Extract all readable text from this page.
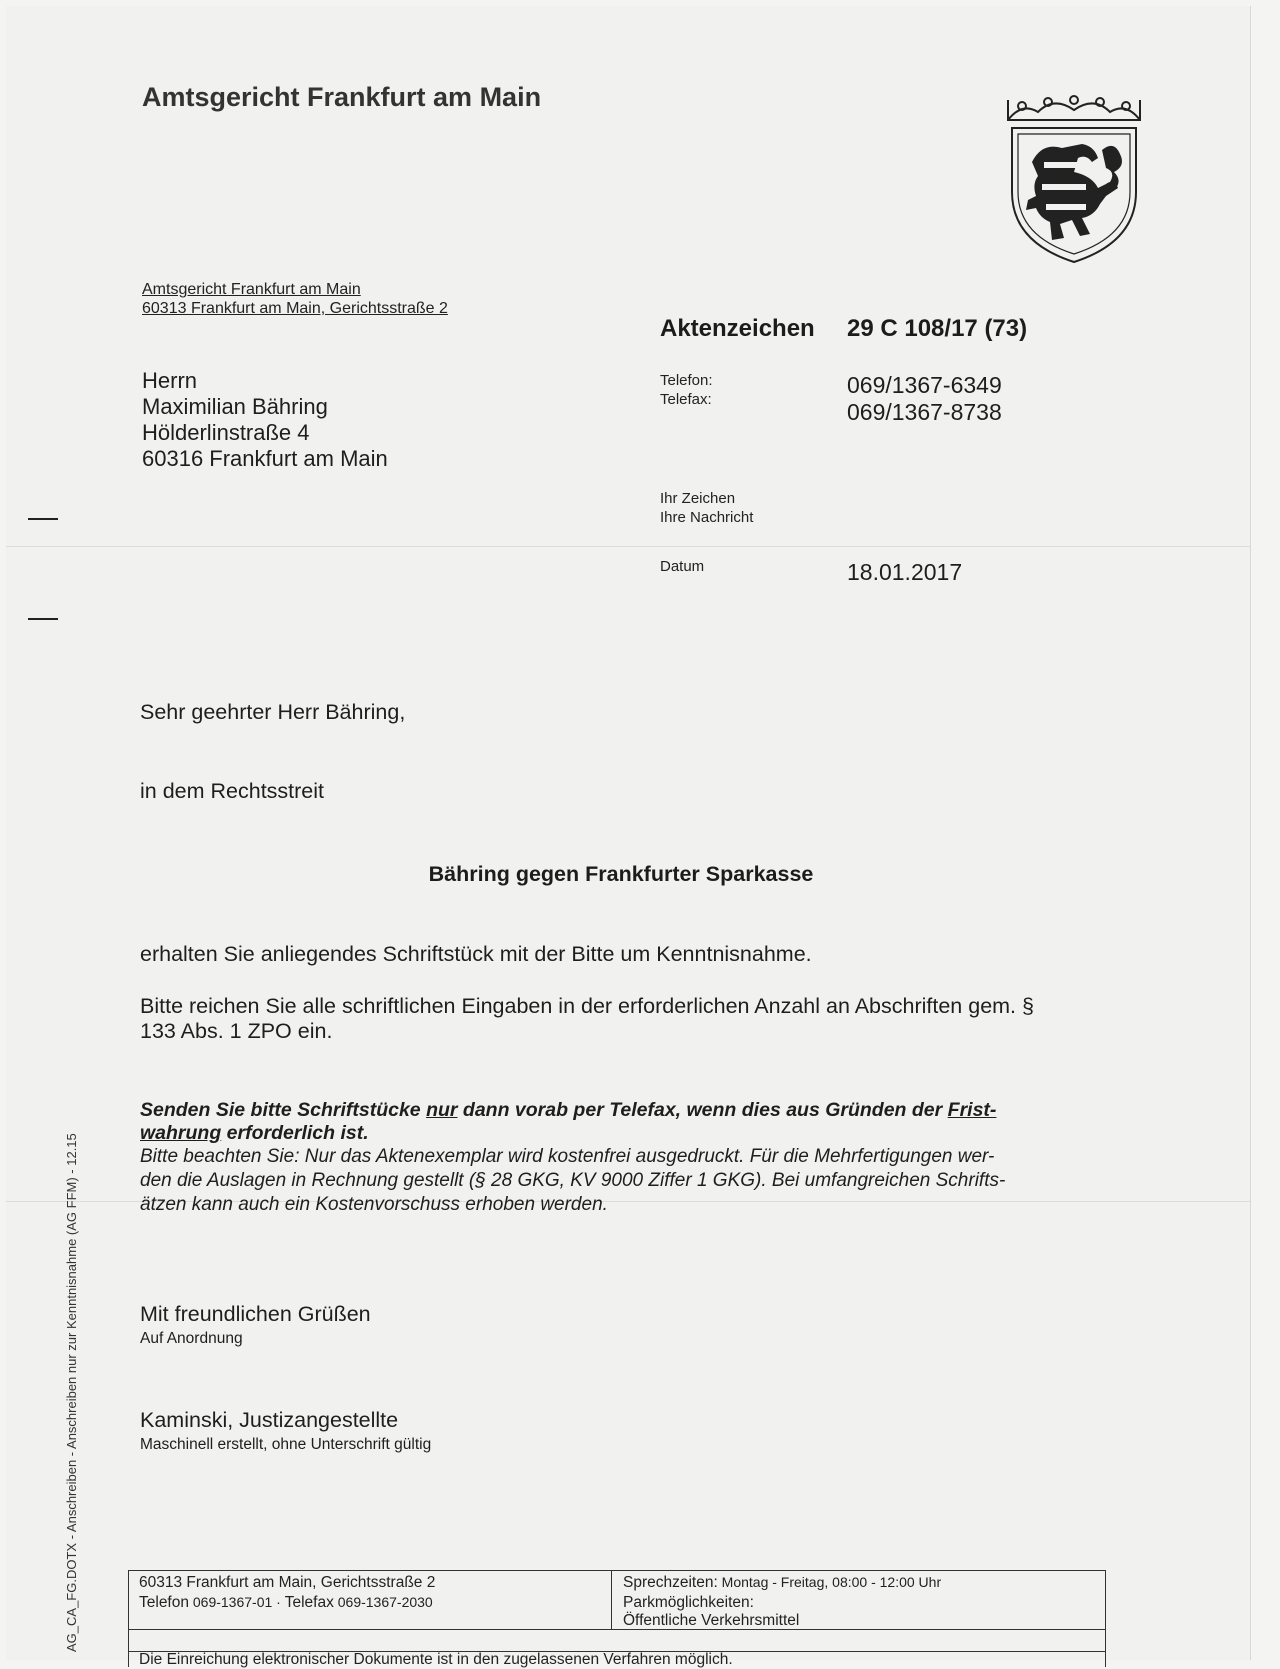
Amtsgericht Frankfurt am Main
Amtsgericht Frankfurt am Main
60313 Frankfurt am Main, Gerichtsstraße 2
Herrn
Maximilian Bähring
Hölderlinstraße 4
60316 Frankfurt am Main
Aktenzeichen 29 C 108/17 (73)
Telefon:
Telefax:
069/1367-6349
069/1367-8738
Ihr Zeichen
Ihre Nachricht
Datum	18.01.2017
Sehr geehrter Herr Bähring,
in dem Rechtsstreit
Bähring gegen Frankfurter Sparkasse
erhalten Sie anliegendes Schriftstück mit der Bitte um Kenntnisnahme.
Bitte reichen Sie alle schriftlichen Eingaben in der erforderlichen Anzahl an Abschriften gem. §
133 Abs. 1 ZPO ein.
Senden Sie bitte Schriftstücke nur dann vorab per Telefax, wenn dies aus Gründen der Frist-
wahrung erforderlich ist.
Bitte beachten Sie: Nur das Aktenexemplar wird kostenfrei ausgedruckt. Für die Mehrfertigungen wer-
den die Auslagen in Rechnung gestellt (§ 28 GKG, KV 9000 Ziffer 1 GKG). Bei umfangreichen Schrifts-
ätzen kann auch ein Kostenvorschuss erhoben werden.
Mit freundlichen Grüßen
Auf Anordnung
Kaminski, Justizangestellte
Maschinell erstellt, ohne Unterschrift gültig
AG_CA_FG.DOTX - Anschreiben - Anschreiben nur zur Kenntnisnahme (AG FFM) - 12.15	60313 Frankfurt am Main, Gerichtsstraße 2
Telefon 069-1367-01 · Telefax 069-1367-2030
Sprechzeiten: Montag - Freitag, 08:00 - 12:00 Uhr
Parkmöglichkeiten:
Öffentliche Verkehrsmittel
Die Einreichung elektronischer Dokumente ist in den zugelassenen Verfahren möglich.
